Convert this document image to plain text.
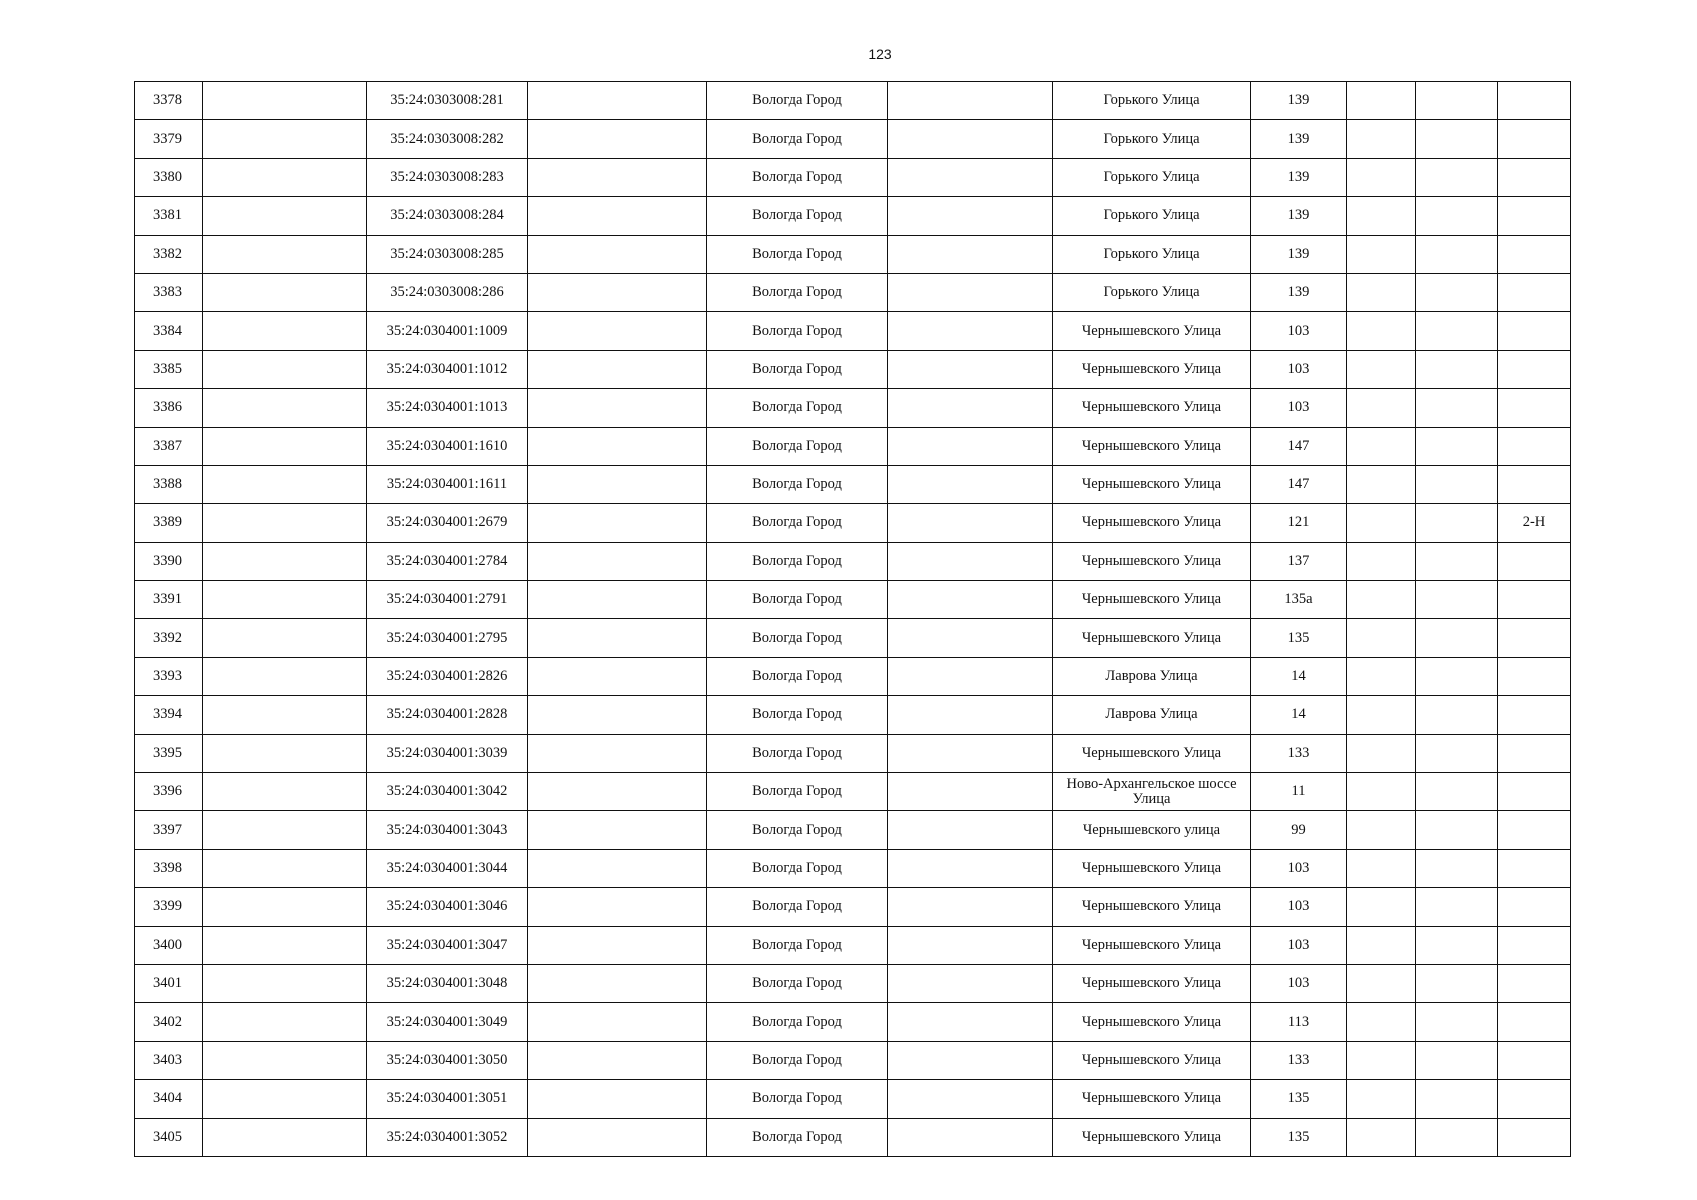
123
3378		35:24:0303008:281		Вологда Город		Горького Улица	139			
3379		35:24:0303008:282		Вологда Город		Горького Улица	139			
3380		35:24:0303008:283		Вологда Город		Горького Улица	139			
3381		35:24:0303008:284		Вологда Город		Горького Улица	139			
3382		35:24:0303008:285		Вологда Город		Горького Улица	139			
3383		35:24:0303008:286		Вологда Город		Горького Улица	139			
3384		35:24:0304001:1009		Вологда Город		Чернышевского Улица	103			
3385		35:24:0304001:1012		Вологда Город		Чернышевского Улица	103			
3386		35:24:0304001:1013		Вологда Город		Чернышевского Улица	103			
3387		35:24:0304001:1610		Вологда Город		Чернышевского Улица	147			
3388		35:24:0304001:1611		Вологда Город		Чернышевского Улица	147			
3389		35:24:0304001:2679		Вологда Город		Чернышевского Улица	121			2-Н
3390		35:24:0304001:2784		Вологда Город		Чернышевского Улица	137			
3391		35:24:0304001:2791		Вологда Город		Чернышевского Улица	135а			
3392		35:24:0304001:2795		Вологда Город		Чернышевского Улица	135			
3393		35:24:0304001:2826		Вологда Город		Лаврова Улица	14			
3394		35:24:0304001:2828		Вологда Город		Лаврова Улица	14			
3395		35:24:0304001:3039		Вологда Город		Чернышевского Улица	133			
3396		35:24:0304001:3042		Вологда Город		Ново-Архангельское шоссе Улица	11			
3397		35:24:0304001:3043		Вологда Город		Чернышевского улица	99			
3398		35:24:0304001:3044		Вологда Город		Чернышевского Улица	103			
3399		35:24:0304001:3046		Вологда Город		Чернышевского Улица	103			
3400		35:24:0304001:3047		Вологда Город		Чернышевского Улица	103			
3401		35:24:0304001:3048		Вологда Город		Чернышевского Улица	103			
3402		35:24:0304001:3049		Вологда Город		Чернышевского Улица	113			
3403		35:24:0304001:3050		Вологда Город		Чернышевского Улица	133			
3404		35:24:0304001:3051		Вологда Город		Чернышевского Улица	135			
3405		35:24:0304001:3052		Вологда Город		Чернышевского Улица	135			
